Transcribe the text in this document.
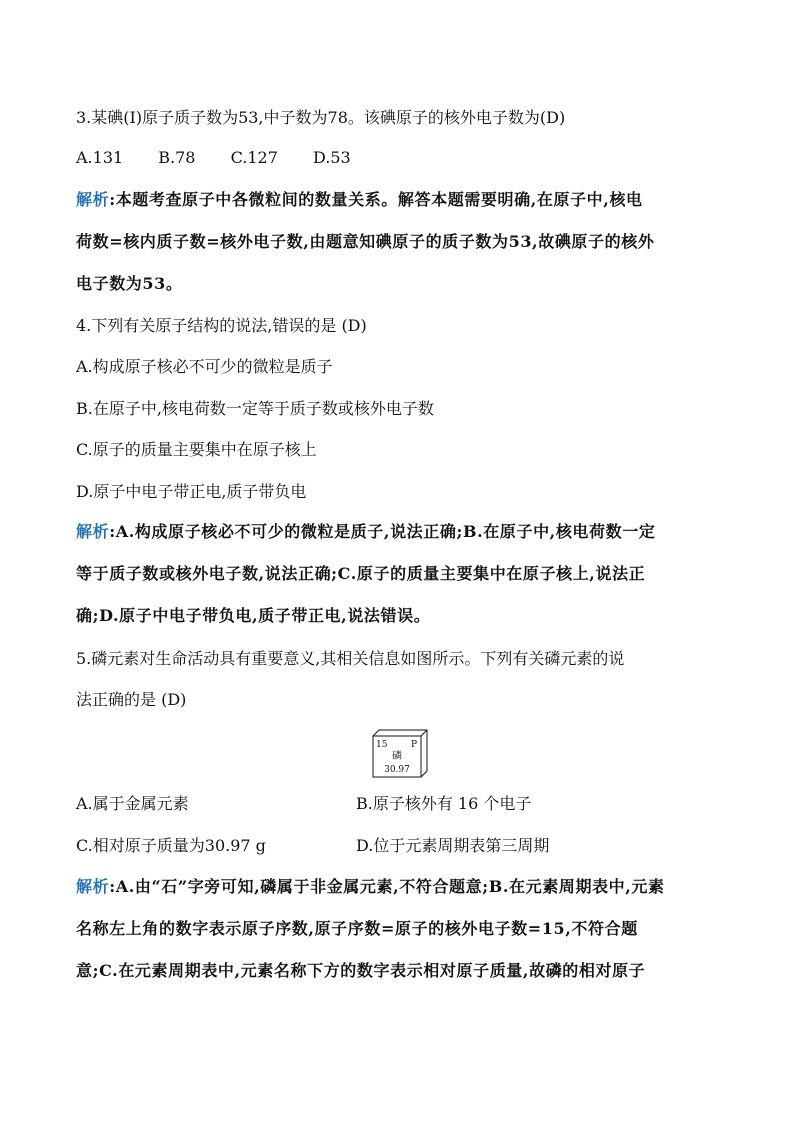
3.某碘(I)原子质子数为53,中子数为78。该碘原子的核外电子数为(D)
A.131 B.78 C.127 D.53
解析:本题考查原子中各微粒间的数量关系。解答本题需要明确,在原子中,核电
荷数=核内质子数=核外电子数,由题意知碘原子的质子数为53,故碘原子的核外
电子数为53。
4.下列有关原子结构的说法,错误的是 (D)
A.构成原子核必不可少的微粒是质子
B.在原子中,核电荷数一定等于质子数或核外电子数
C.原子的质量主要集中在原子核上
D.原子中电子带正电,质子带负电
解析:A.构成原子核必不可少的微粒是质子,说法正确;B.在原子中,核电荷数一定
等于质子数或核外电子数,说法正确;C.原子的质量主要集中在原子核上,说法正
确;D.原子中电子带负电,质子带正电,说法错误。
5.磷元素对生命活动具有重要意义,其相关信息如图所示。下列有关磷元素的说
法正确的是 (D)
15	P
磷
30.97
A.属于金属元素	B.原子核外有 16 个电子
C.相对原子质量为30.97 g	D.位于元素周期表第三周期
解析:A.由“石”字旁可知,磷属于非金属元素,不符合题意;B.在元素周期表中,元素
名称左上角的数字表示原子序数,原子序数=原子的核外电子数=15,不符合题
意;C.在元素周期表中,元素名称下方的数字表示相对原子质量,故磷的相对原子
